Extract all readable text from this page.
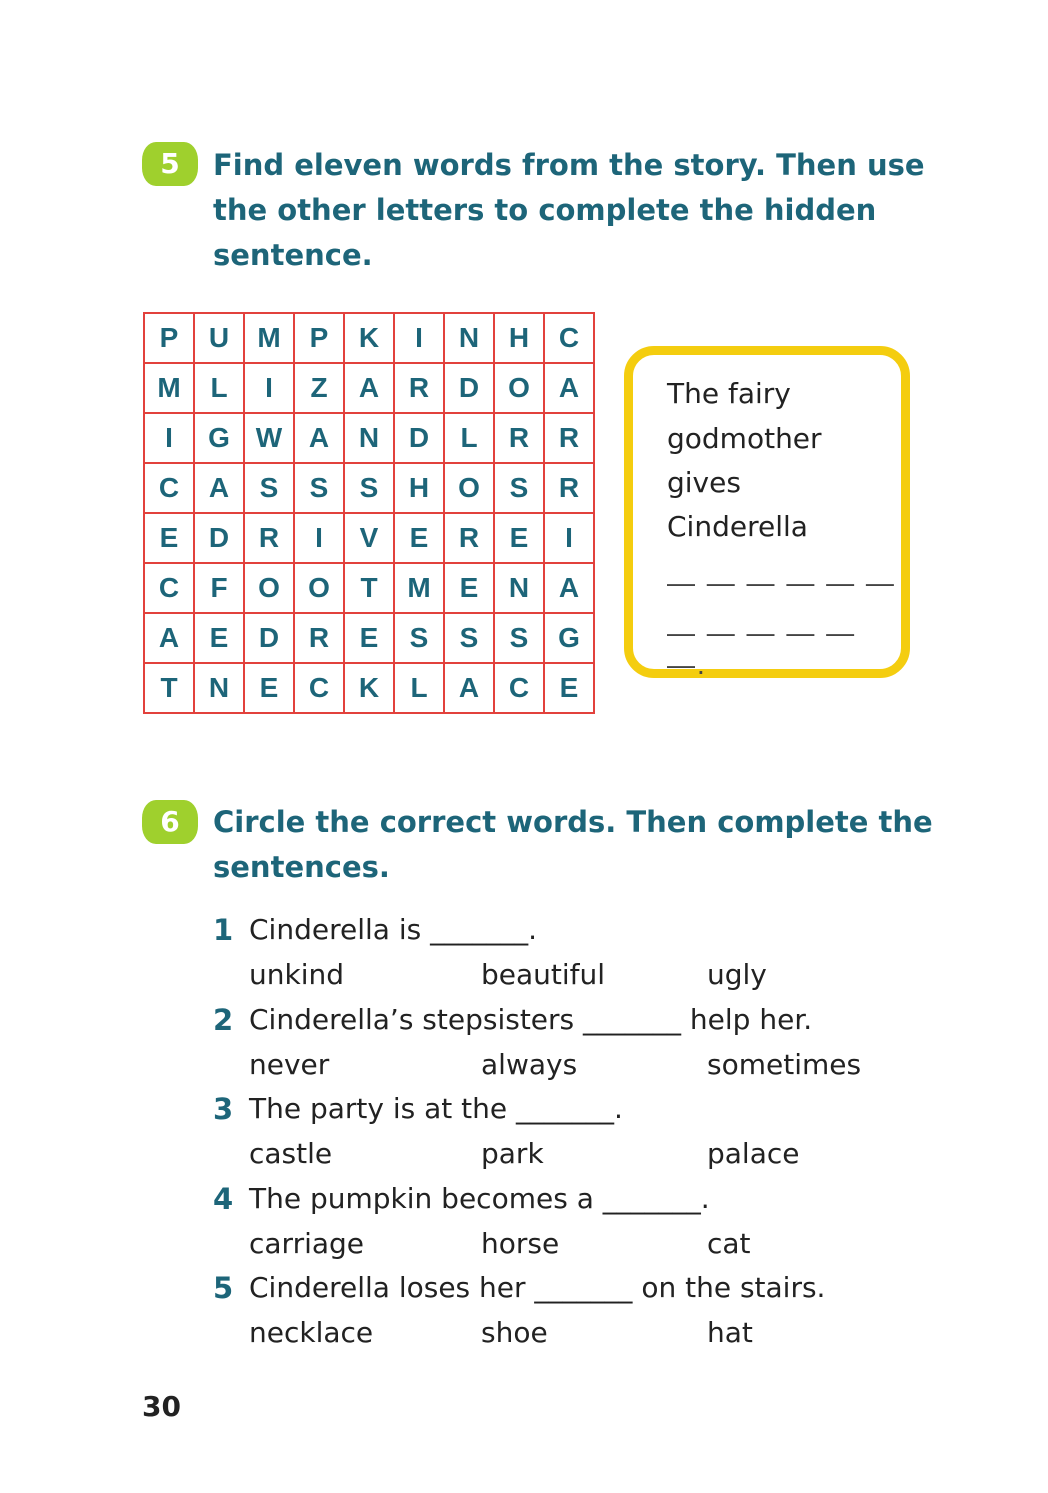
5	Find eleven words from the story. Then use
the other letters to complete the hidden
sentence.
P	U	M	P	K	I	N	H	C
M	L	I	Z	A	R	D	O	A
I	G	W	A	N	D	L	R	R
C	A	S	S	S	H	O	S	R
E	D	R	I	V	E	R	E	I
C	F	O	O	T	M	E	N	A
A	E	D	R	E	S	S	S	G
T	N	E	C	K	L	A	C	E
The fairy
godmother
gives
Cinderella
— — — — — —
— — — — — —.
6	Circle the correct words. Then complete the
sentences.
1 Cinderella is _______.
unkind	beautiful	ugly
2 Cinderella’s stepsisters _______ help her.
never	always	sometimes
3 The party is at the _______.
castle	park	palace
4 The pumpkin becomes a _______.
carriage	horse	cat
5 Cinderella loses her _______ on the stairs.
necklace	shoe	hat
30
